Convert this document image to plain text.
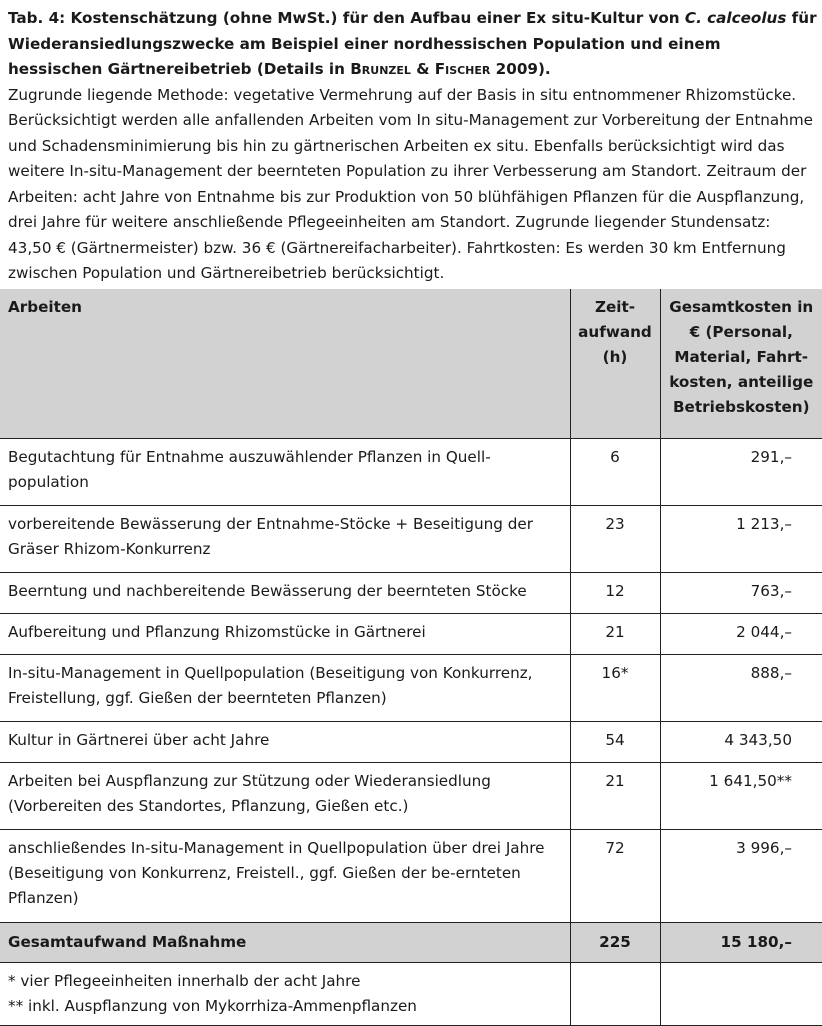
Tab. 4: Kostenschätzung (ohne MwSt.) für den Aufbau einer Ex situ-Kultur von C. calceolus für Wiederansiedlungszwecke am Beispiel einer nordhessischen Population und einem hessischen Gärtnereibetrieb (Details in Brunzel & Fischer 2009).

Zugrunde liegende Methode: vegetative Vermehrung auf der Basis in situ entnommener Rhizomstücke. Berücksichtigt werden alle anfallenden Arbeiten vom In situ-Management zur Vorbereitung der Entnahme und Schadensminimierung bis hin zu gärtnerischen Arbeiten ex situ. Ebenfalls berücksichtigt wird das weitere In-situ-Management der beernteten Population zu ihrer Verbesserung am Standort. Zeitraum der Arbeiten: acht Jahre von Entnahme bis zur Produktion von 50 blühfähigen Pflanzen für die Auspflanzung, drei Jahre für weitere anschließende Pflegeeinheiten am Standort. Zugrunde liegender Stundensatz: 43,50 € (Gärtnermeister) bzw. 36 € (Gärtnereifacharbeiter). Fahrtkosten: Es werden 30 km Entfernung zwischen Population und Gärtnereibetrieb berücksichtigt.

Arbeiten	Zeit-aufwand (h)	Gesamtkosten in € (Personal, Material, Fahrt-kosten, anteilige Betriebskosten)
Begutachtung für Entnahme auszuwählender Pflanzen in Quell-population	6	291,–
vorbereitende Bewässerung der Entnahme-Stöcke + Beseitigung der Gräser Rhizom-Konkurrenz	23	1 213,–
Beerntung und nachbereitende Bewässerung der beernteten Stöcke	12	763,–
Aufbereitung und Pflanzung Rhizomstücke in Gärtnerei	21	2 044,–
In-situ-Management in Quellpopulation (Beseitigung von Konkurrenz, Freistellung, ggf. Gießen der beernteten Pflanzen)	16*	888,–
Kultur in Gärtnerei über acht Jahre	54	4 343,50
Arbeiten bei Auspflanzung zur Stützung oder Wiederansiedlung (Vorbereiten des Standortes, Pflanzung, Gießen etc.)	21	1 641,50**
anschließendes In-situ-Management in Quellpopulation über drei Jahre (Beseitigung von Konkurrenz, Freistell., ggf. Gießen der be-ernteten Pflanzen)	72	3 996,–
Gesamtaufwand Maßnahme	225	15 180,–

* vier Pflegeeinheiten innerhalb der acht Jahre
** inkl. Auspflanzung von Mykorrhiza-Ammenpflanzen		
